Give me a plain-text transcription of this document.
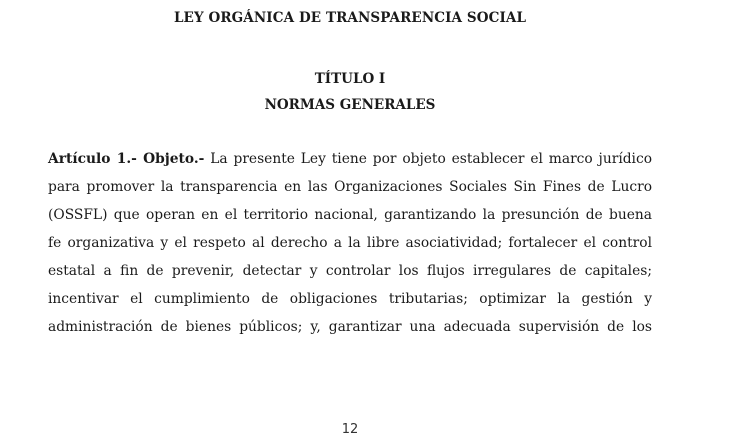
LEY ORGÁNICA DE TRANSPARENCIA SOCIAL
TÍTULO I
NORMAS GENERALES
Artículo 1.- Objeto.- La presente Ley tiene por objeto establecer el marco jurídico
para promover la transparencia en las Organizaciones Sociales Sin Fines de Lucro
(OSSFL) que operan en el territorio nacional, garantizando la presunción de buena
fe organizativa y el respeto al derecho a la libre asociatividad; fortalecer el control
estatal a fin de prevenir, detectar y controlar los flujos irregulares de capitales;
incentivar el cumplimiento de obligaciones tributarias; optimizar la gestión y
administración de bienes públicos; y, garantizar una adecuada supervisión de los
12
